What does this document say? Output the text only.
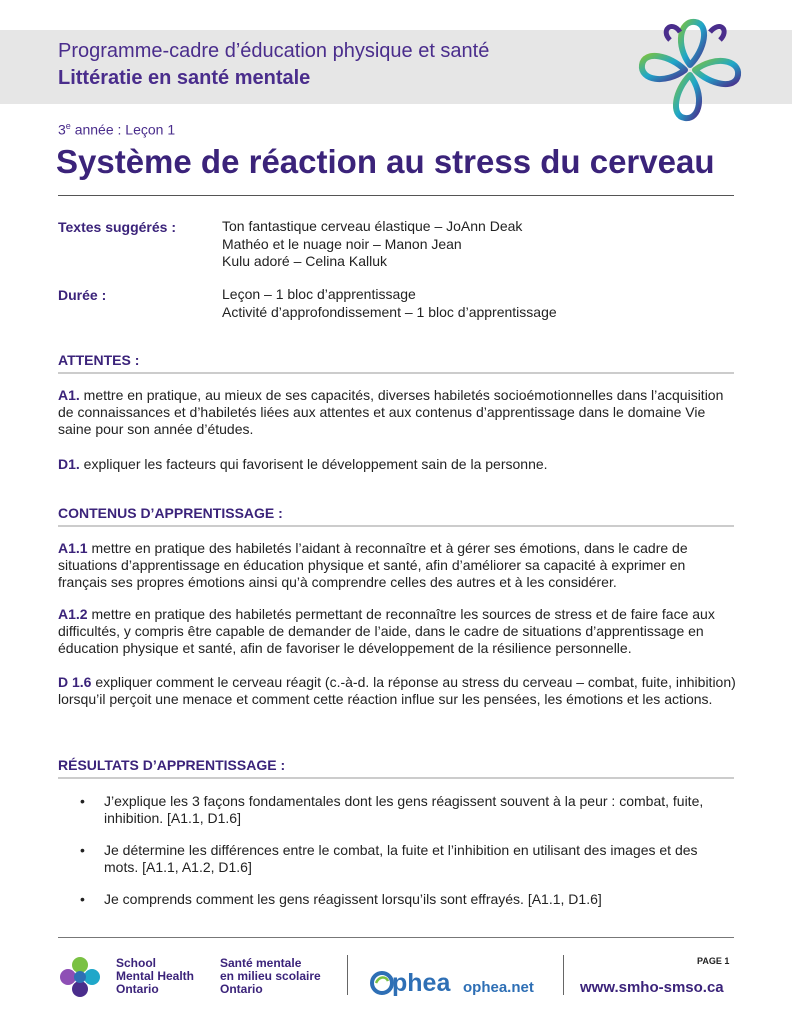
Programme-cadre d’éducation physique et santé
Littératie en santé mentale
3e année : Leçon 1
Système de réaction au stress du cerveau
Textes suggérés :	Ton fantastique cerveau élastique – JoAnn Deak
Mathéo et le nuage noir – Manon Jean
Kulu adoré – Celina Kalluk
Durée :	Leçon – 1 bloc d’apprentissage
Activité d’approfondissement – 1 bloc d’apprentissage
ATTENTES :
A1. mettre en pratique, au mieux de ses capacités, diverses habiletés socioémotionnelles dans l’acquisition de connaissances et d’habiletés liées aux attentes et aux contenus d’apprentissage dans le domaine Vie saine pour son année d’études.
D1. expliquer les facteurs qui favorisent le développement sain de la personne.
CONTENUS D’APPRENTISSAGE :
A1.1 mettre en pratique des habiletés l’aidant à reconnaître et à gérer ses émotions, dans le cadre de situations d’apprentissage en éducation physique et santé, afin d’améliorer sa capacité à exprimer en français ses propres émotions ainsi qu’à comprendre celles des autres et à les considérer.
A1.2 mettre en pratique des habiletés permettant de reconnaître les sources de stress et de faire face aux difficultés, y compris être capable de demander de l’aide, dans le cadre de situations d’apprentissage en éducation physique et santé, afin de favoriser le développement de la résilience personnelle.
D 1.6 expliquer comment le cerveau réagit (c.-à-d. la réponse au stress du cerveau – combat, fuite, inhibition) lorsqu’il perçoit une menace et comment cette réaction influe sur les pensées, les émotions et les actions.
RÉSULTATS D’APPRENTISSAGE :
• J’explique les 3 façons fondamentales dont les gens réagissent souvent à la peur : combat, fuite, inhibition. [A1.1, D1.6]
• Je détermine les différences entre le combat, la fuite et l’inhibition en utilisant des images et des mots. [A1.1, A1.2, D1.6]
• Je comprends comment les gens réagissent lorsqu’ils sont effrayés. [A1.1, D1.6]
School
Mental Health
Ontario
Santé mentale
en milieu scolaire
Ontario	phea ophea.net
PAGE 1
www.smho-smso.ca
